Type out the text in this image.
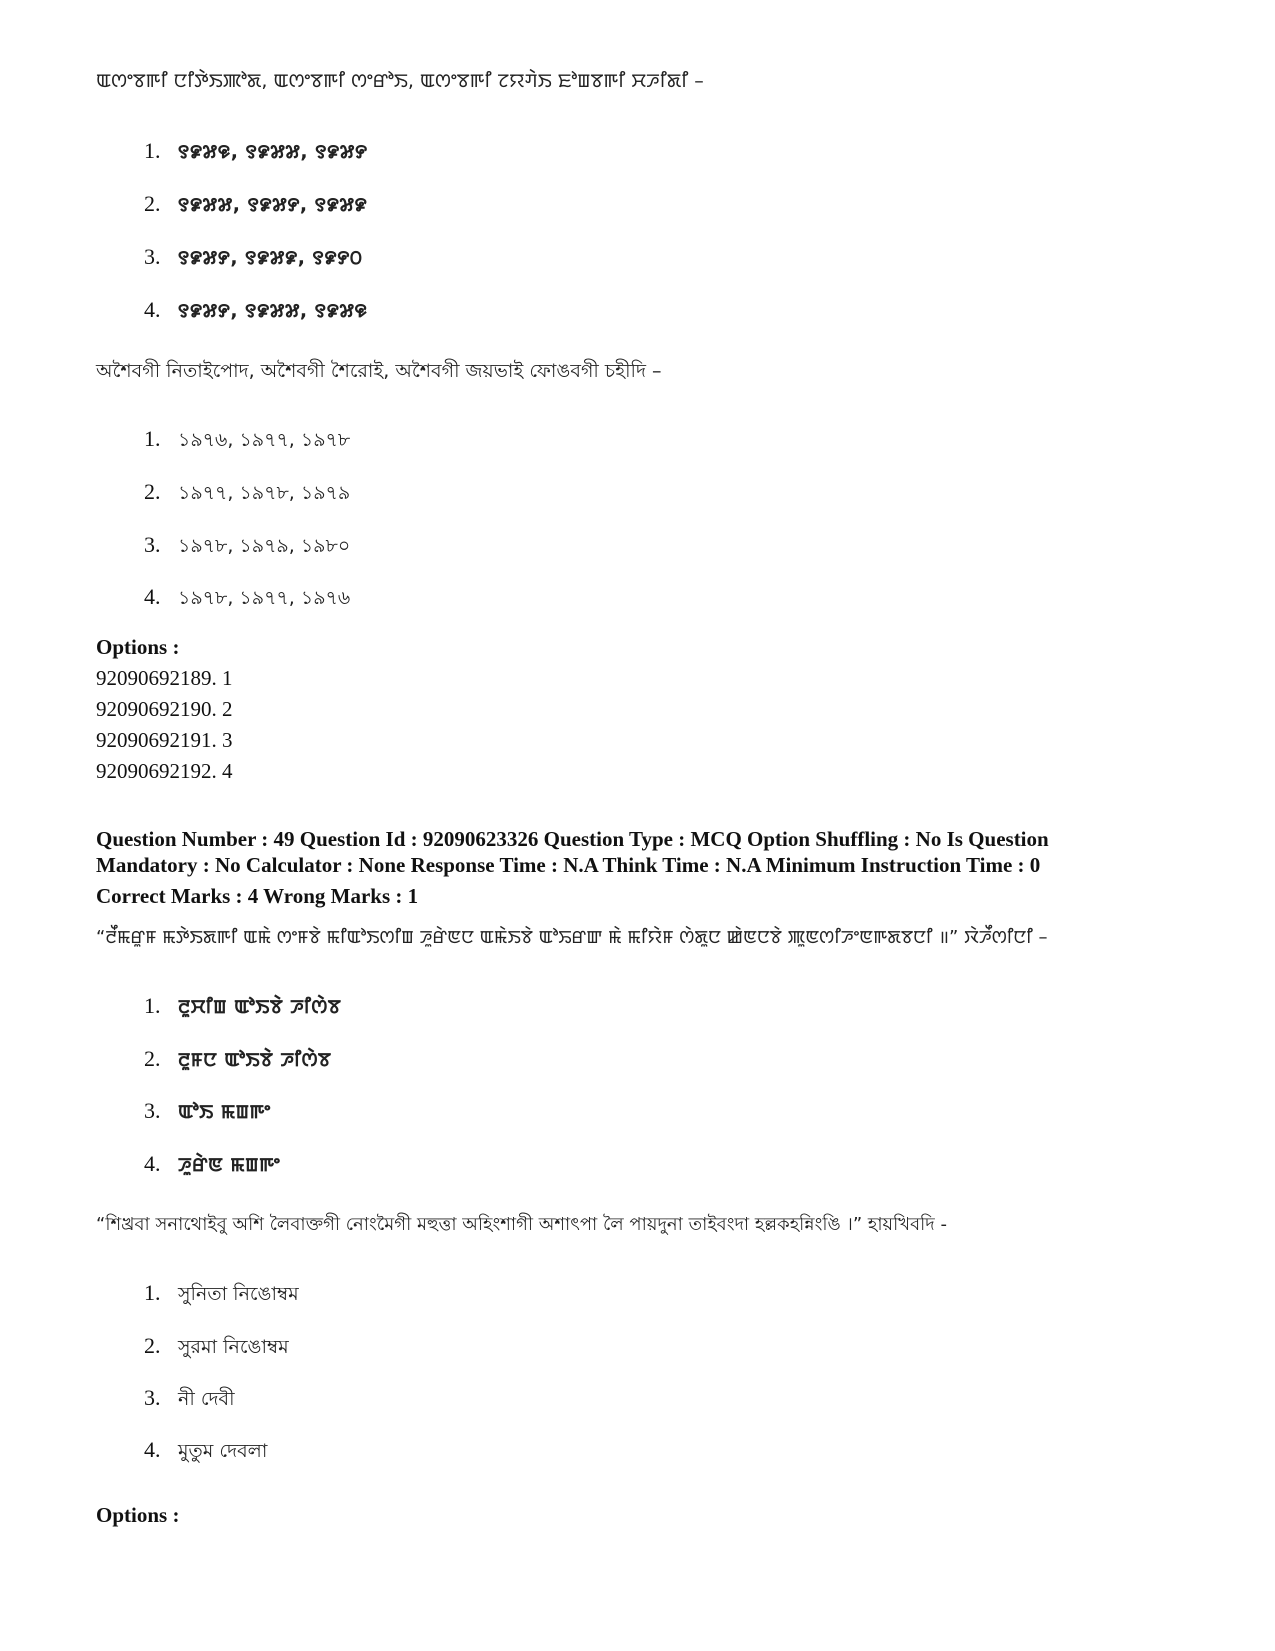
ꯑꯁꯦꯕꯒꯤ ꯅꯤꯇꯥꯏꯄꯣꯗ, ꯑꯁꯦꯕꯒꯤ ꯁꯦꯔꯣꯏ, ꯑꯁꯦꯕꯒꯤ ꯖꯌꯚꯥꯏ ꯐꯣꯡꯕꯒꯤ ꯆꯍꯤꯗꯤ –
1. ꯱꯹꯷꯶, ꯱꯹꯷꯷, ꯱꯹꯷꯸
2. ꯱꯹꯷꯷, ꯱꯹꯷꯸, ꯱꯹꯷꯹
3. ꯱꯹꯷꯸, ꯱꯹꯷꯹, ꯱꯹꯸꯰
4. ꯱꯹꯷꯸, ꯱꯹꯷꯷, ꯱꯹꯷꯶
অশৈবগী নিতাইপোদ, অশৈবগী শৈরোই, অশৈবগী জয়ভাই ফোঙবগী চহীদি –
1. ১৯৭৬, ১৯৭৭, ১৯৭৮
2. ১৯৭৭, ১৯৭৮, ১৯৭৯
3. ১৯৭৮, ১৯৭৯, ১৯৮০
4. ১৯৭৮, ১৯৭৭, ১৯৭৬
Options :
92090692189. 1
92090692190. 2
92090692191. 3
92090692192. 4
Question Number : 49 Question Id : 92090623326 Question Type : MCQ Option Shuffling : No Is Question
Mandatory : No Calculator : None Response Time : N.A Think Time : N.A Minimum Instruction Time : 0
Correct Marks : 4 Wrong Marks : 1
“ꯂꯩꯃꯔꯨꯝ ꯃꯇꯥꯏꯗꯒꯤ ꯑꯃꯥ ꯁꯦꯝꯕꯥ ꯃꯤꯑꯣꯏꯁꯤꯡ ꯍꯨꯔꯥꯟꯅ ꯑꯃꯥꯏꯕꯥ ꯑꯣꯢꯔꯛ ꯃꯥ ꯃꯤꯌꯥꯝ ꯁꯥꯗꯨꯅ ꯀꯥꯟꯅꯕꯥ ꯄꯨꯟꯁꯤꯍꯦꯟꯒꯗꯕꯅꯤ ॥” ꯋꯥꯍꯩꯁꯤꯅꯤ –
1. ꯂꯨꯆꯤꯡ ꯑꯣꯏꯕꯥ ꯍꯤꯁꯥꯕ
2. ꯂꯨꯝꯅ ꯑꯣꯏꯕꯥ ꯍꯤꯁꯥꯕ
3. ꯑꯣꯏ ꯃꯡꯒꯦ
4. ꯍꯨꯔꯥꯟ ꯃꯡꯒꯦ
“শিখ্রবা সনাথোইবু অশি লৈবাক্তগী নোংমৈগী মহুত্তা অহিংশাগী অশাৎপা লৈ পায়দুনা তাইবংদা হল্লকহন্নিংঙি ।” হায়খিবদি -
1. সুনিতা নিঙোম্বম
2. সুরমা নিঙোম্বম
3. নী দেবী
4. মুতুম দেবলা
Options :
